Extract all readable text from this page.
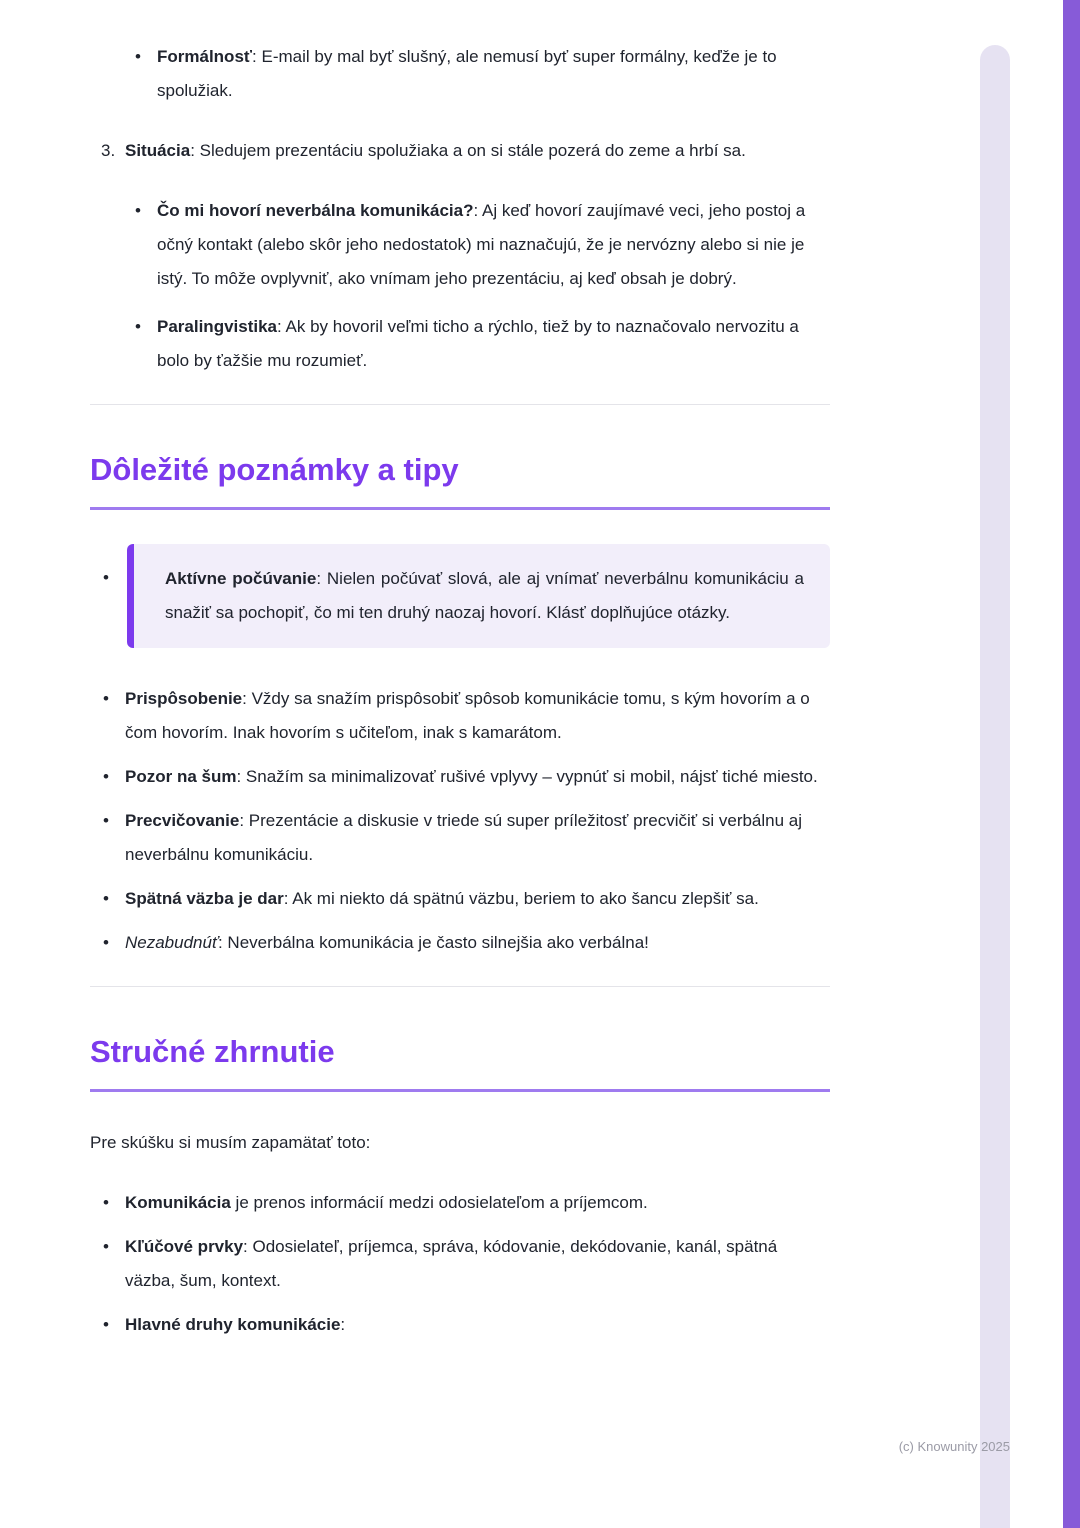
• Formálnosť: E-mail by mal byť slušný, ale nemusí byť super formálny, keďže je to spolužiak.
3. Situácia: Sledujem prezentáciu spolužiaka a on si stále pozerá do zeme a hrbí sa.
• Čo mi hovorí neverbálna komunikácia?: Aj keď hovorí zaujímavé veci, jeho postoj a očný kontakt (alebo skôr jeho nedostatok) mi naznačujú, že je nervózny alebo si nie je istý. To môže ovplyvniť, ako vnímam jeho prezentáciu, aj keď obsah je dobrý.
• Paralingvistika: Ak by hovoril veľmi ticho a rýchlo, tiež by to naznačovalo nervozitu a bolo by ťažšie mu rozumieť.
Dôležité poznámky a tipy
• Aktívne počúvanie: Nielen počúvať slová, ale aj vnímať neverbálnu komunikáciu a snažiť sa pochopiť, čo mi ten druhý naozaj hovorí. Klásť doplňujúce otázky.
• Prispôsobenie: Vždy sa snažím prispôsobiť spôsob komunikácie tomu, s kým hovorím a o čom hovorím. Inak hovorím s učiteľom, inak s kamarátom.
• Pozor na šum: Snažím sa minimalizovať rušivé vplyvy – vypnúť si mobil, nájsť tiché miesto.
• Precvičovanie: Prezentácie a diskusie v triede sú super príležitosť precvičiť si verbálnu aj neverbálnu komunikáciu.
• Spätná väzba je dar: Ak mi niekto dá spätnú väzbu, beriem to ako šancu zlepšiť sa.
• Nezabudnúť: Neverbálna komunikácia je často silnejšia ako verbálna!
Stručné zhrnutie

Pre skúšku si musím zapamätať toto:

• Komunikácia je prenos informácií medzi odosielateľom a príjemcom.
• Kľúčové prvky: Odosielateľ, príjemca, správa, kódovanie, dekódovanie, kanál, spätná väzba, šum, kontext.
• Hlavné druhy komunikácie:
(c) Knowunity 2025
